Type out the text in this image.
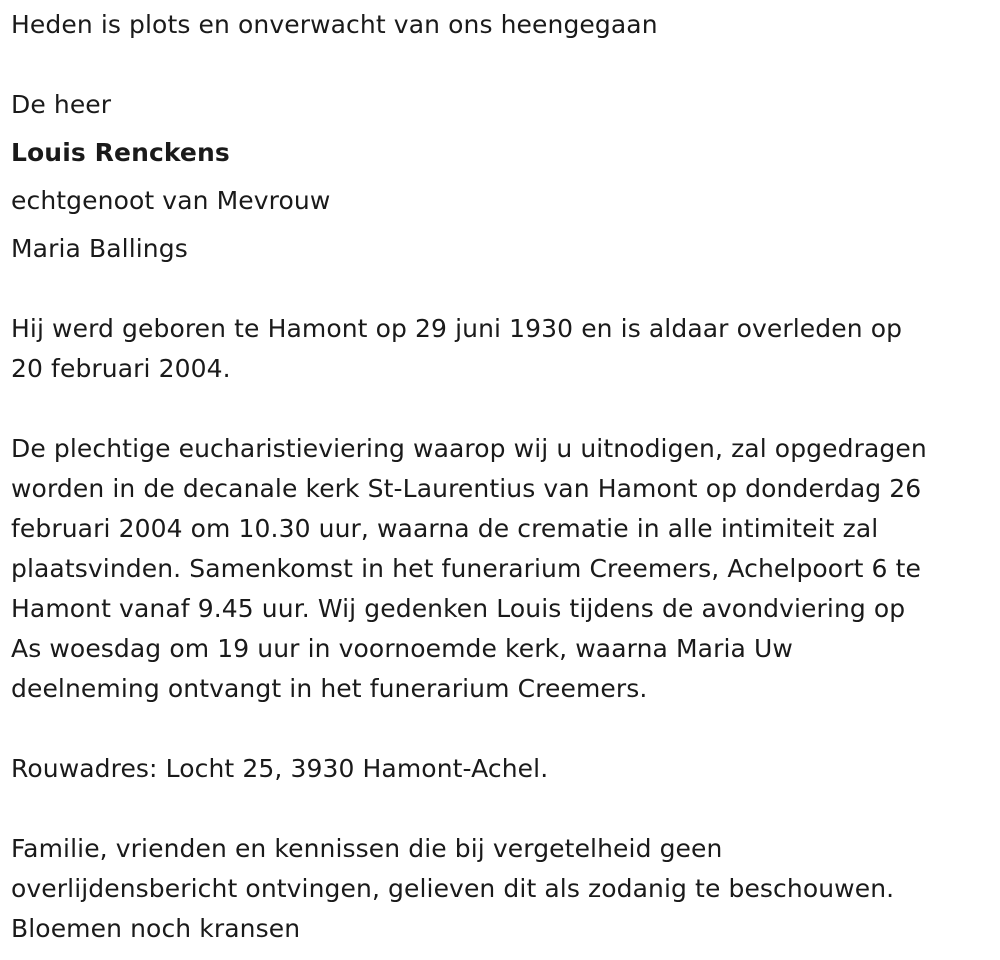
Heden is plots en onverwacht van ons heengegaan

De heer

Louis Renckens

echtgenoot van Mevrouw

Maria Ballings

Hij werd geboren te Hamont op 29 juni 1930 en is aldaar overleden op

20 februari 2004.

De plechtige eucharistieviering waarop wij u uitnodigen, zal opgedragen

worden in de decanale kerk St-Laurentius van Hamont op donderdag 26

februari 2004 om 10.30 uur, waarna de crematie in alle intimiteit zal

plaatsvinden. Samenkomst in het funerarium Creemers, Achelpoort 6 te

Hamont vanaf 9.45 uur. Wij gedenken Louis tijdens de avondviering op

As woesdag om 19 uur in voornoemde kerk, waarna Maria Uw

deelneming ontvangt in het funerarium Creemers.

Rouwadres: Locht 25, 3930 Hamont-Achel.

Familie, vrienden en kennissen die bij vergetelheid geen

overlijdensbericht ontvingen, gelieven dit als zodanig te beschouwen.

Bloemen noch kransen
